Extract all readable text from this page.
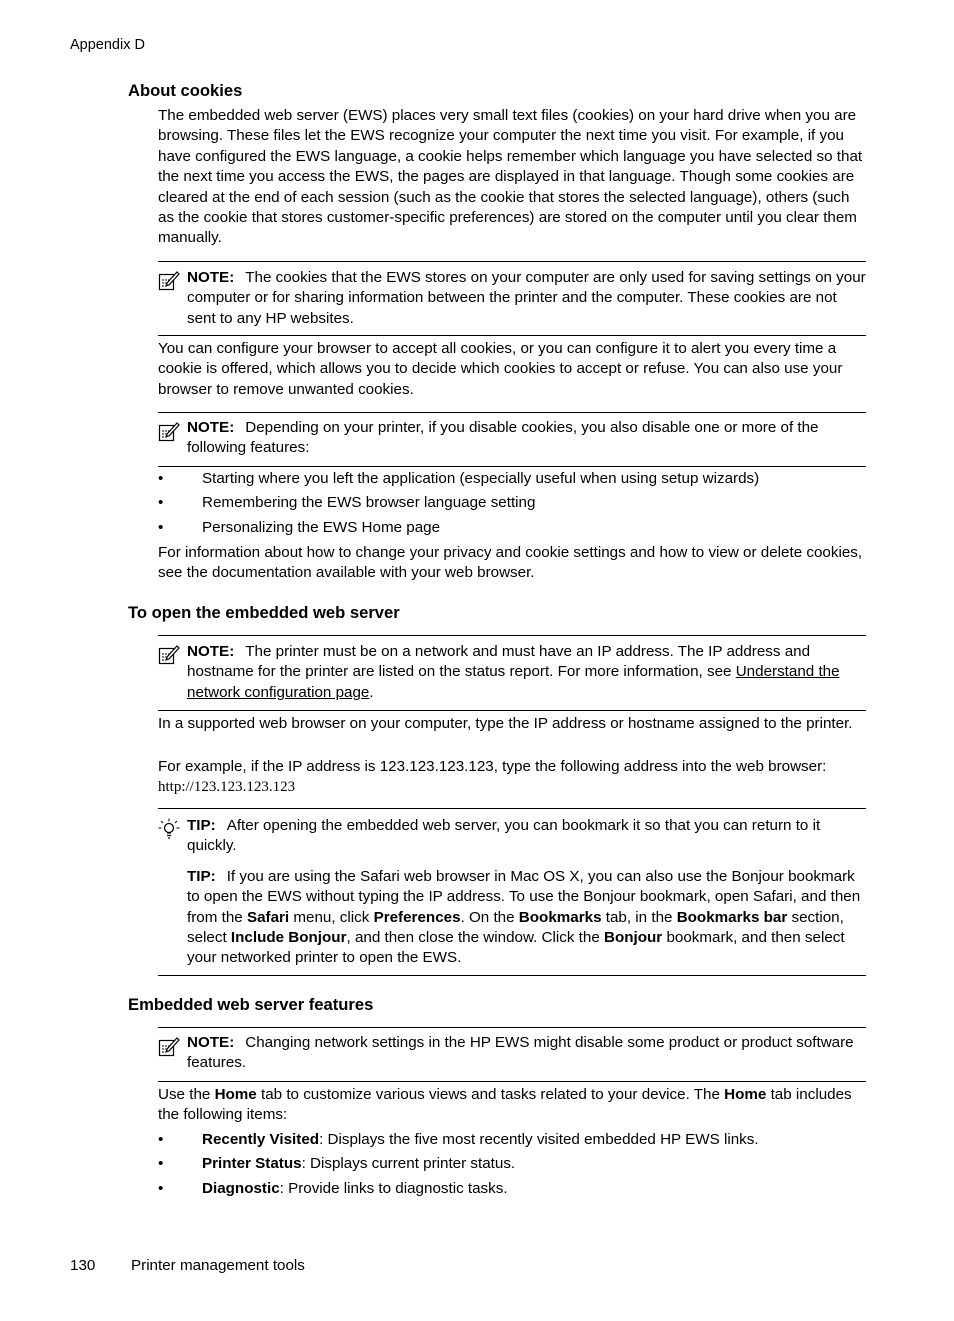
Appendix D
About cookies

The embedded web server (EWS) places very small text files (cookies) on your hard drive when you are browsing. These files let the EWS recognize your computer the next time you visit. For example, if you have configured the EWS language, a cookie helps remember which language you have selected so that the next time you access the EWS, the pages are displayed in that language. Though some cookies are cleared at the end of each session (such as the cookie that stores the selected language), others (such as the cookie that stores customer-specific preferences) are stored on the computer until you clear them manually.

NOTE: The cookies that the EWS stores on your computer are only used for saving settings on your computer or for sharing information between the printer and the computer. These cookies are not sent to any HP websites.

You can configure your browser to accept all cookies, or you can configure it to alert you every time a cookie is offered, which allows you to decide which cookies to accept or refuse. You can also use your browser to remove unwanted cookies.

NOTE: Depending on your printer, if you disable cookies, you also disable one or more of the following features:

•	Starting where you left the application (especially useful when using setup wizards)
•	Remembering the EWS browser language setting
•	Personalizing the EWS Home page

For information about how to change your privacy and cookie settings and how to view or delete cookies, see the documentation available with your web browser.

To open the embedded web server

NOTE: The printer must be on a network and must have an IP address. The IP address and hostname for the printer are listed on the status report. For more information, see Understand the network configuration page.

In a supported web browser on your computer, type the IP address or hostname assigned to the printer.

For example, if the IP address is 123.123.123.123, type the following address into the web browser: http://123.123.123.123

TIP: After opening the embedded web server, you can bookmark it so that you can return to it quickly.

TIP: If you are using the Safari web browser in Mac OS X, you can also use the Bonjour bookmark to open the EWS without typing the IP address. To use the Bonjour bookmark, open Safari, and then from the Safari menu, click Preferences. On the Bookmarks tab, in the Bookmarks bar section, select Include Bonjour, and then close the window. Click the Bonjour bookmark, and then select your networked printer to open the EWS.

Embedded web server features

NOTE: Changing network settings in the HP EWS might disable some product or product software features.

Use the Home tab to customize various views and tasks related to your device. The Home tab includes the following items:

•	Recently Visited: Displays the five most recently visited embedded HP EWS links.
•	Printer Status: Displays current printer status.
•	Diagnostic: Provide links to diagnostic tasks.
130 Printer management tools
